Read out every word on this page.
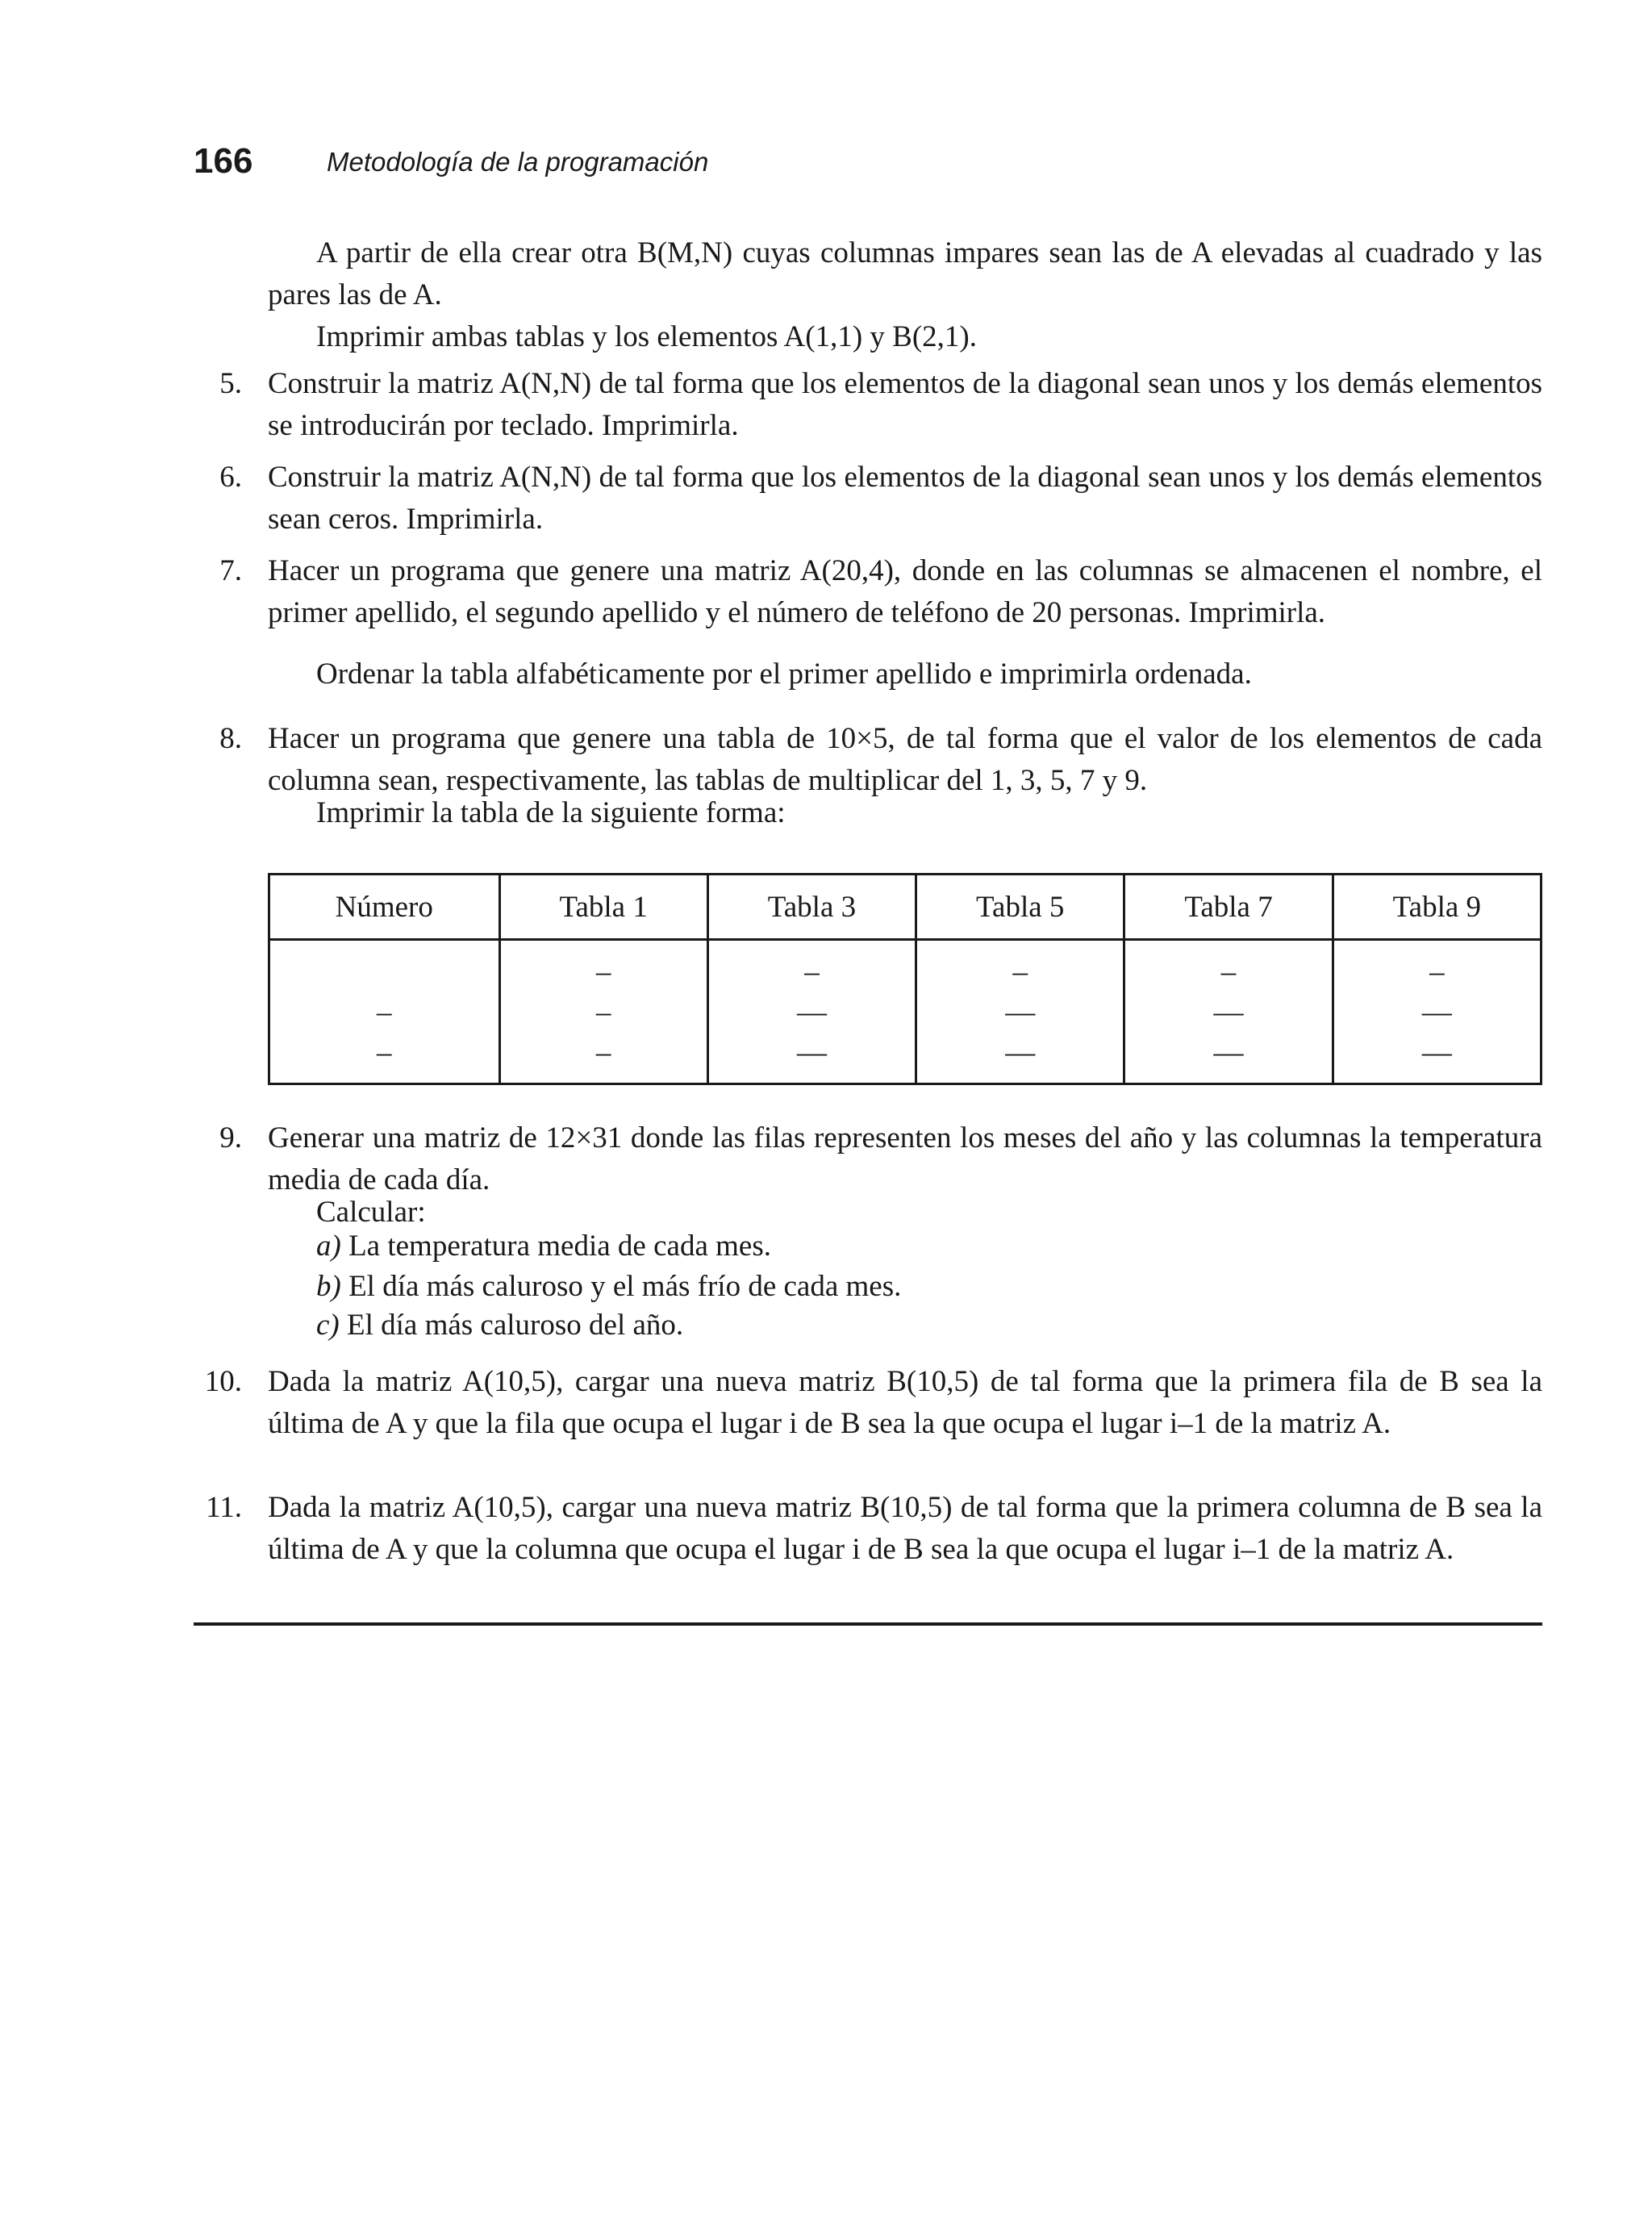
166	Metodología de la programación

A partir de ella crear otra B(M,N) cuyas columnas impares sean las de A elevadas al cuadrado y las pares las de A.

Imprimir ambas tablas y los elementos A(1,1) y B(2,1).

5. Construir la matriz A(N,N) de tal forma que los elementos de la diagonal sean unos y los demás elementos se introducirán por teclado. Imprimirla.

6. Construir la matriz A(N,N) de tal forma que los elementos de la diagonal sean unos y los demás elementos sean ceros. Imprimirla.

7. Hacer un programa que genere una matriz A(20,4), donde en las columnas se almacenen el nombre, el primer apellido, el segundo apellido y el número de teléfono de 20 personas. Imprimirla.

Ordenar la tabla alfabéticamente por el primer apellido e imprimirla ordenada.

8. Hacer un programa que genere una tabla de 10×5, de tal forma que el valor de los elementos de cada columna sean, respectivamente, las tablas de multiplicar del 1, 3, 5, 7 y 9.

Imprimir la tabla de la siguiente forma:

Número	Tabla 1	Tabla 3	Tabla 5	Tabla 7	Tabla 9
	–	–	–	–	–
–	–	—	—	—	—
–	–	—	—	—	—
9. Generar una matriz de 12×31 donde las filas representen los meses del año y las columnas la temperatura media de cada día.

Calcular:

a) La temperatura media de cada mes.
b) El día más caluroso y el más frío de cada mes.
c) El día más caluroso del año.
10. Dada la matriz A(10,5), cargar una nueva matriz B(10,5) de tal forma que la primera fila de B sea la última de A y que la fila que ocupa el lugar i de B sea la que ocupa el lugar i–1 de la matriz A.

11. Dada la matriz A(10,5), cargar una nueva matriz B(10,5) de tal forma que la primera columna de B sea la última de A y que la columna que ocupa el lugar i de B sea la que ocupa el lugar i–1 de la matriz A.
